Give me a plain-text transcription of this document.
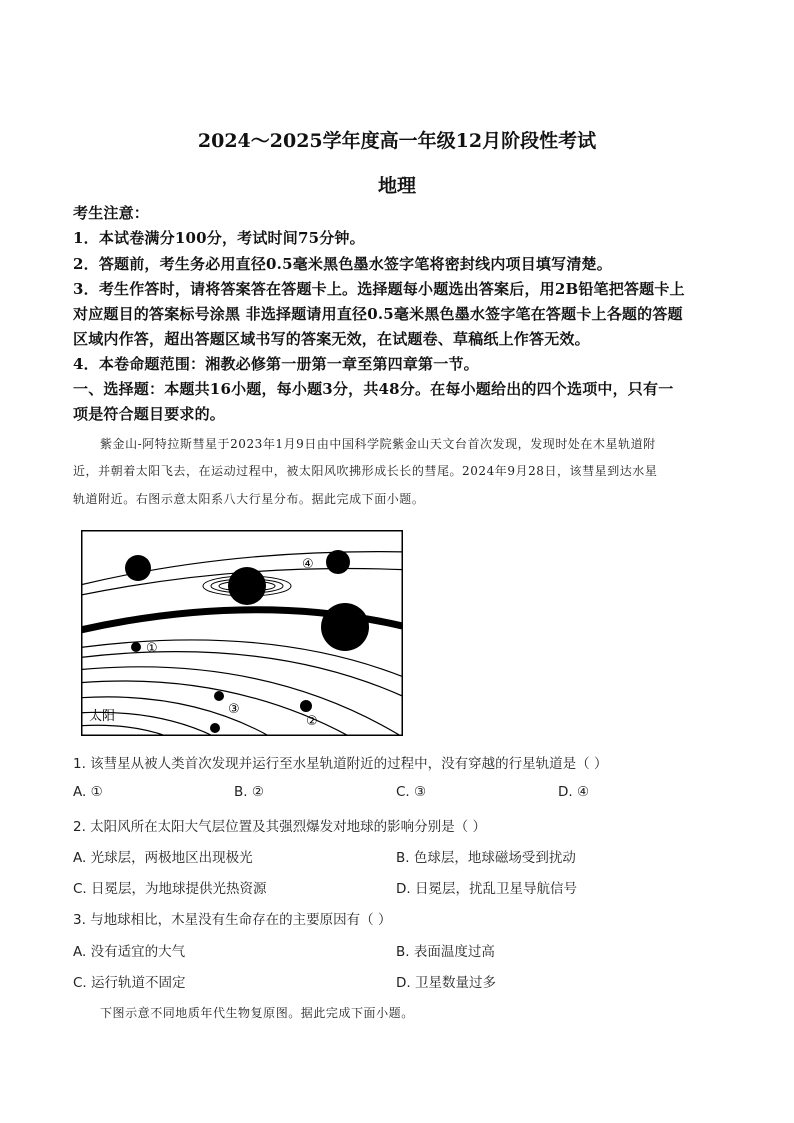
2024～2025学年度高一年级12月阶段性考试
地理
考生注意：
1．本试卷满分100分，考试时间75分钟。
2．答题前，考生务必用直径0.5毫米黑色墨水签字笔将密封线内项目填写清楚。
3．考生作答时，请将答案答在答题卡上。选择题每小题选出答案后，用2B铅笔把答题卡上
对应题目的答案标号涂黑 非选择题请用直径0.5毫米黑色墨水签字笔在答题卡上各题的答题
区域内作答，超出答题区域书写的答案无效，在试题卷、草稿纸上作答无效。
4．本卷命题范围：湘教必修第一册第一章至第四章第一节。
一、选择题：本题共16小题，每小题3分，共48分。在每小题给出的四个选项中，只有一
项是符合题目要求的。
紫金山-阿特拉斯彗星于2023年1月9日由中国科学院紫金山天文台首次发现，发现时处在木星轨道附
近，并朝着太阳飞去，在运动过程中，被太阳风吹拂形成长长的彗尾。2024年9月28日，该彗星到达水星
轨道附近。右图示意太阳系八大行星分布。据此完成下面小题。
①
②
③
④
太阳
1. 该彗星从被人类首次发现并运行至水星轨道附近的过程中，没有穿越的行星轨道是（ ）
A. ①	B. ②	C. ③	D. ④
2. 太阳风所在太阳大气层位置及其强烈爆发对地球的影响分别是（ ）
A. 光球层，两极地区出现极光	B. 色球层，地球磁场受到扰动
C. 日冕层，为地球提供光热资源	D. 日冕层，扰乱卫星导航信号
3. 与地球相比，木星没有生命存在的主要原因有（ ）
A. 没有适宜的大气	B. 表面温度过高
C. 运行轨道不固定	D. 卫星数量过多
下图示意不同地质年代生物复原图。据此完成下面小题。
